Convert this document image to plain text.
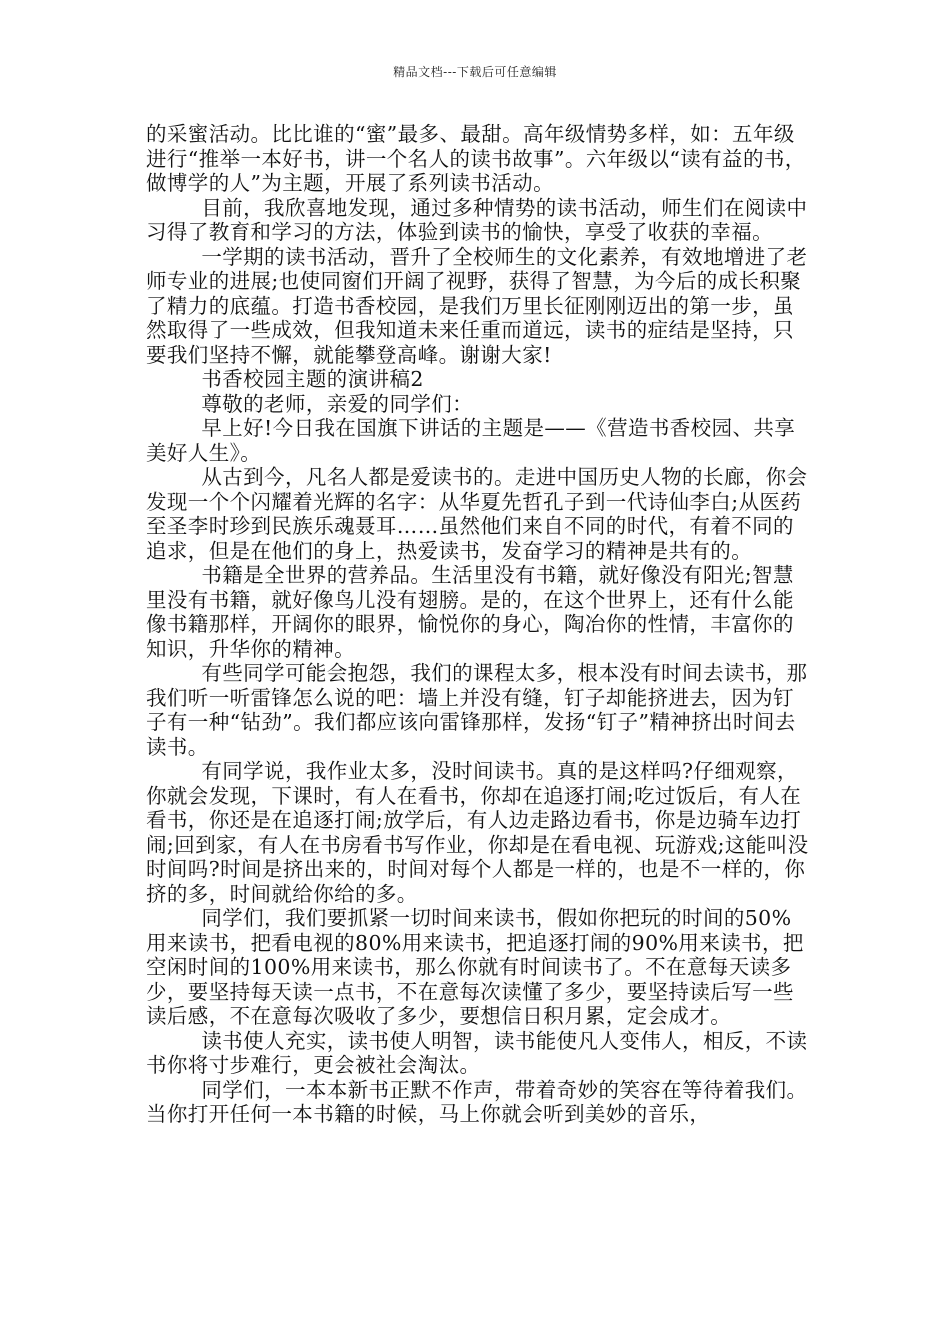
精品文档---下载后可任意编辑

的采蜜活动。比比谁的“蜜”最多、最甜。高年级情势多样，如：五年级进行“推举一本好书，讲一个名人的读书故事”。六年级以“读有益的书，做博学的人”为主题，开展了系列读书活动。

目前，我欣喜地发现，通过多种情势的读书活动，师生们在阅读中习得了教育和学习的方法，体验到读书的愉快，享受了收获的幸福。

一学期的读书活动，晋升了全校师生的文化素养，有效地增进了老师专业的进展;也使同窗们开阔了视野，获得了智慧，为今后的成长积聚了精力的底蕴。打造书香校园，是我们万里长征刚刚迈出的第一步，虽然取得了一些成效，但我知道未来任重而道远，读书的症结是坚持，只要我们坚持不懈，就能攀登高峰。谢谢大家!

书香校园主题的演讲稿2

尊敬的老师，亲爱的同学们：

早上好!今日我在国旗下讲话的主题是——《营造书香校园、共享美好人生》。

从古到今，凡名人都是爱读书的。走进中国历史人物的长廊，你会发现一个个闪耀着光辉的名字：从华夏先哲孔子到一代诗仙李白;从医药至圣李时珍到民族乐魂聂耳……虽然他们来自不同的时代，有着不同的追求，但是在他们的身上，热爱读书，发奋学习的精神是共有的。

书籍是全世界的营养品。生活里没有书籍，就好像没有阳光;智慧里没有书籍，就好像鸟儿没有翅膀。是的，在这个世界上，还有什么能像书籍那样，开阔你的眼界，愉悦你的身心，陶冶你的性情，丰富你的知识，升华你的精神。

有些同学可能会抱怨，我们的课程太多，根本没有时间去读书，那我们听一听雷锋怎么说的吧：墙上并没有缝，钉子却能挤进去，因为钉子有一种“钻劲”。我们都应该向雷锋那样，发扬“钉子”精神挤出时间去读书。

有同学说，我作业太多，没时间读书。真的是这样吗?仔细观察，你就会发现，下课时，有人在看书，你却在追逐打闹;吃过饭后，有人在看书，你还是在追逐打闹;放学后，有人边走路边看书，你是边骑车边打闹;回到家，有人在书房看书写作业，你却是在看电视、玩游戏;这能叫没时间吗?时间是挤出来的，时间对每个人都是一样的，也是不一样的，你挤的多，时间就给你给的多。

同学们，我们要抓紧一切时间来读书，假如你把玩的时间的50%用来读书，把看电视的80%用来读书，把追逐打闹的90%用来读书，把空闲时间的100%用来读书，那么你就有时间读书了。不在意每天读多少，要坚持每天读一点书，不在意每次读懂了多少，要坚持读后写一些读后感，不在意每次吸收了多少，要想信日积月累，定会成才。

读书使人充实，读书使人明智，读书能使凡人变伟人，相反，不读书你将寸步难行，更会被社会淘汰。

同学们，一本本新书正默不作声，带着奇妙的笑容在等待着我们。当你打开任何一本书籍的时候，马上你就会听到美妙的音乐，
